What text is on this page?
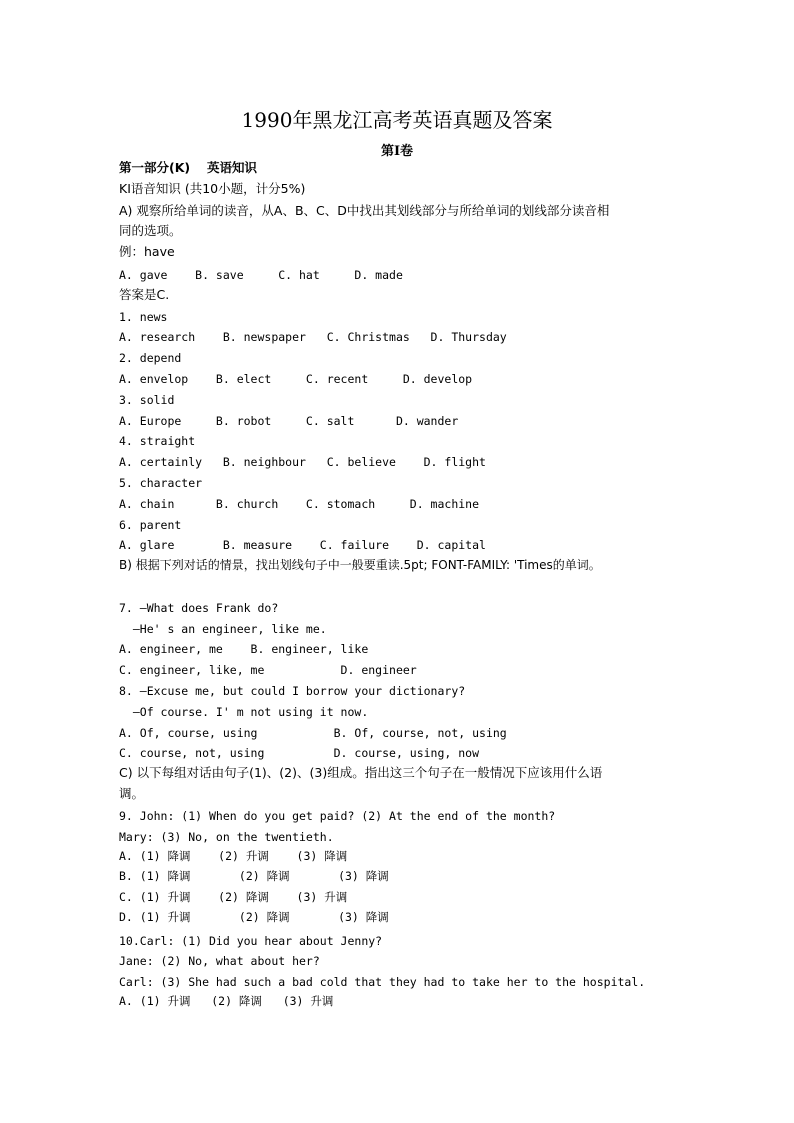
1990年黑龙江高考英语真题及答案
第Ⅰ卷

第一部分(K)　 英语知识

KI语音知识 (共10小题，计分5%)

A) 观察所给单词的读音，从A、B、C、D中找出其划线部分与所给单词的划线部分读音相

同的选项。

例：have

A. gave    B. save     C. hat     D. made

答案是C.

1. news

A. research    B. newspaper   C. Christmas   D. Thursday

2. depend

A. envelop    B. elect     C. recent     D. develop

3. solid

A. Europe     B. robot     C. salt      D. wander

4. straight

A. certainly   B. neighbour   C. believe    D. flight

5. character

A. chain      B. church    C. stomach     D. machine

6. parent

A. glare       B. measure    C. failure    D. capital

B) 根据下列对话的情景，找出划线句子中一般要重读.5pt; FONT-FAMILY: 'Times的单词。

7. —What does Frank do?

—He' s an engineer, like me.

A. engineer, me    B. engineer, like

C. engineer, like, me           D. engineer

8. —Excuse me, but could I borrow your dictionary?

—Of course. I' m not using it now.

A. Of, course, using           B. Of, course, not, using

C. course, not, using          D. course, using, now

C) 以下每组对话由句子(1)、(2)、(3)组成。指出这三个句子在一般情况下应该用什么语

调。

9. John: (1) When do you get paid? (2) At the end of the month?

Mary: (3) No, on the twentieth.

A. (1) 降调    (2) 升调    (3) 降调

B. (1) 降调       (2) 降调       (3) 降调

C. (1) 升调    (2) 降调    (3) 升调

D. (1) 升调       (2) 降调       (3) 降调

10.Carl: (1) Did you hear about Jenny?

Jane: (2) No, what about her?

Carl: (3) She had such a bad cold that they had to take her to the hospital.

A. (1) 升调   (2) 降调   (3) 升调
